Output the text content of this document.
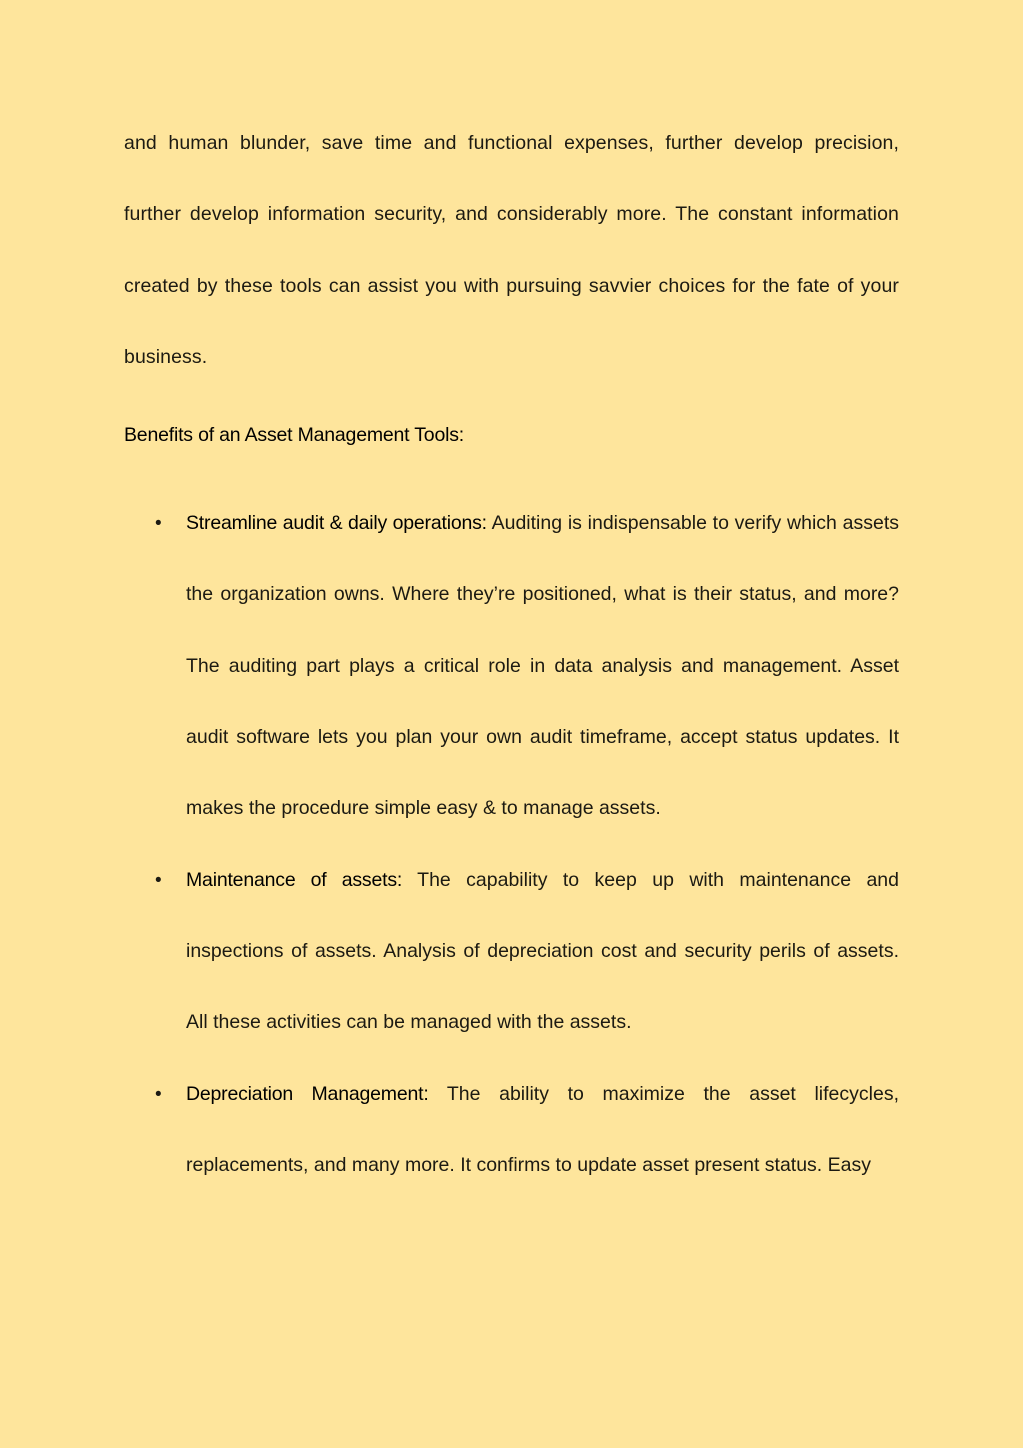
and human blunder, save time and functional expenses, further develop precision, further develop information security, and considerably more. The constant information created by these tools can assist you with pursuing savvier choices for the fate of your business.

Benefits of an Asset Management Tools:
• Streamline audit & daily operations: Auditing is indispensable to verify which assets the organization owns. Where they’re positioned, what is their status, and more? The auditing part plays a critical role in data analysis and management. Asset audit software lets you plan your own audit timeframe, accept status updates. It makes the procedure simple easy & to manage assets.
• Maintenance of assets: The capability to keep up with maintenance and inspections of assets. Analysis of depreciation cost and security perils of assets. All these activities can be managed with the assets.
• Depreciation Management: The ability to maximize the asset lifecycles, replacements, and many more. It confirms to update asset present status. Easy
